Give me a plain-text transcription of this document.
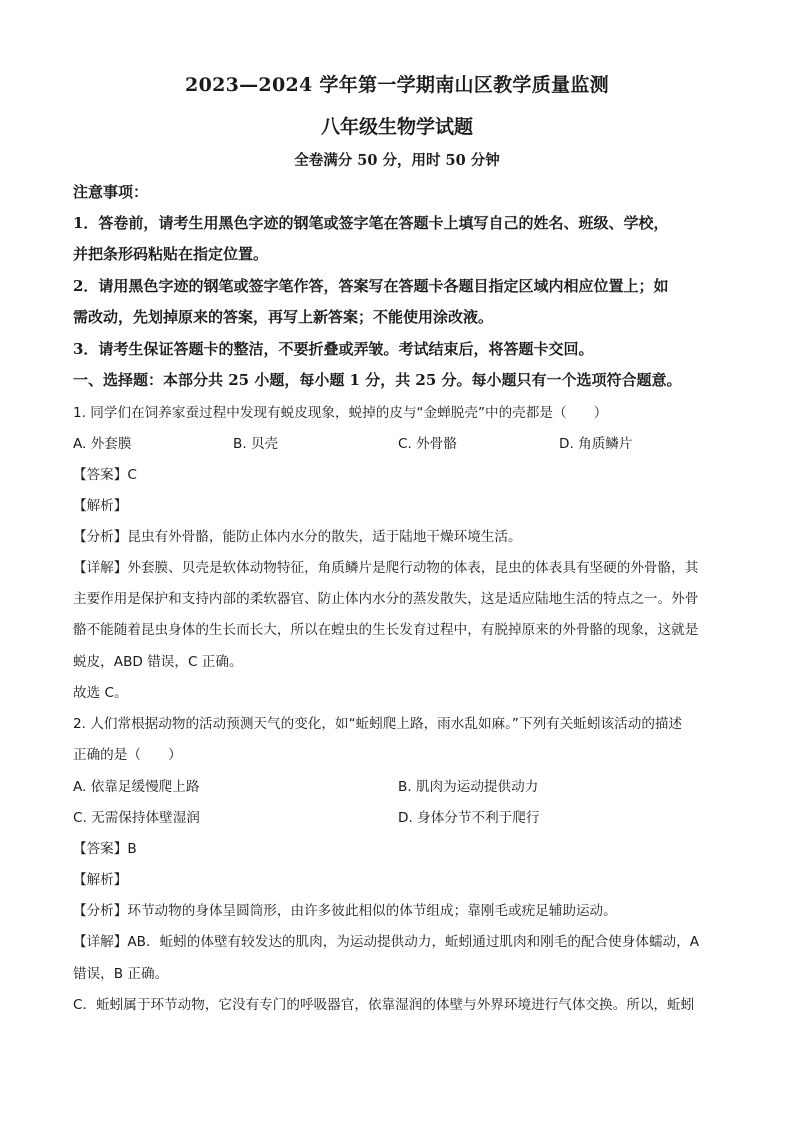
2023—2024 学年第一学期南山区教学质量监测
八年级生物学试题
全卷满分 50 分，用时 50 分钟
注意事项：
1．答卷前，请考生用黑色字迹的钢笔或签字笔在答题卡上填写自己的姓名、班级、学校，
并把条形码粘贴在指定位置。
2．请用黑色字迹的钢笔或签字笔作答，答案写在答题卡各题目指定区域内相应位置上；如
需改动，先划掉原来的答案，再写上新答案；不能使用涂改液。
3．请考生保证答题卡的整洁，不要折叠或弄皱。考试结束后，将答题卡交回。
一、选择题：本部分共 25 小题，每小题 1 分，共 25 分。每小题只有一个选项符合题意。
1. 同学们在饲养家蚕过程中发现有蜕皮现象，蜕掉的皮与“金蝉脱壳”中的壳都是（　　）
A. 外套膜	B. 贝壳	C. 外骨骼	D. 角质鳞片
【答案】C
【解析】
【分析】昆虫有外骨骼，能防止体内水分的散失，适于陆地干燥环境生活。
【详解】外套膜、贝壳是软体动物特征，角质鳞片是爬行动物的体表，昆虫的体表具有坚硬的外骨骼，其
主要作用是保护和支持内部的柔软器官、防止体内水分的蒸发散失，这是适应陆地生活的特点之一。外骨
骼不能随着昆虫身体的生长而长大，所以在蝗虫的生长发育过程中，有脱掉原来的外骨骼的现象，这就是
蜕皮，ABD 错误，C 正确。
故选 C。
2. 人们常根据动物的活动预测天气的变化，如“蚯蚓爬上路，雨水乱如麻。”下列有关蚯蚓该活动的描述
正确的是（　　）
A. 依靠足缓慢爬上路	B. 肌肉为运动提供动力
C. 无需保持体壁湿润	D. 身体分节不利于爬行
【答案】B
【解析】
【分析】环节动物的身体呈圆筒形，由许多彼此相似的体节组成；靠刚毛或疣足辅助运动。
【详解】AB．蚯蚓的体壁有较发达的肌肉，为运动提供动力，蚯蚓通过肌肉和刚毛的配合使身体蠕动，A
错误，B 正确。
C．蚯蚓属于环节动物，它没有专门的呼吸器官，依靠湿润的体壁与外界环境进行气体交换。所以，蚯蚓
